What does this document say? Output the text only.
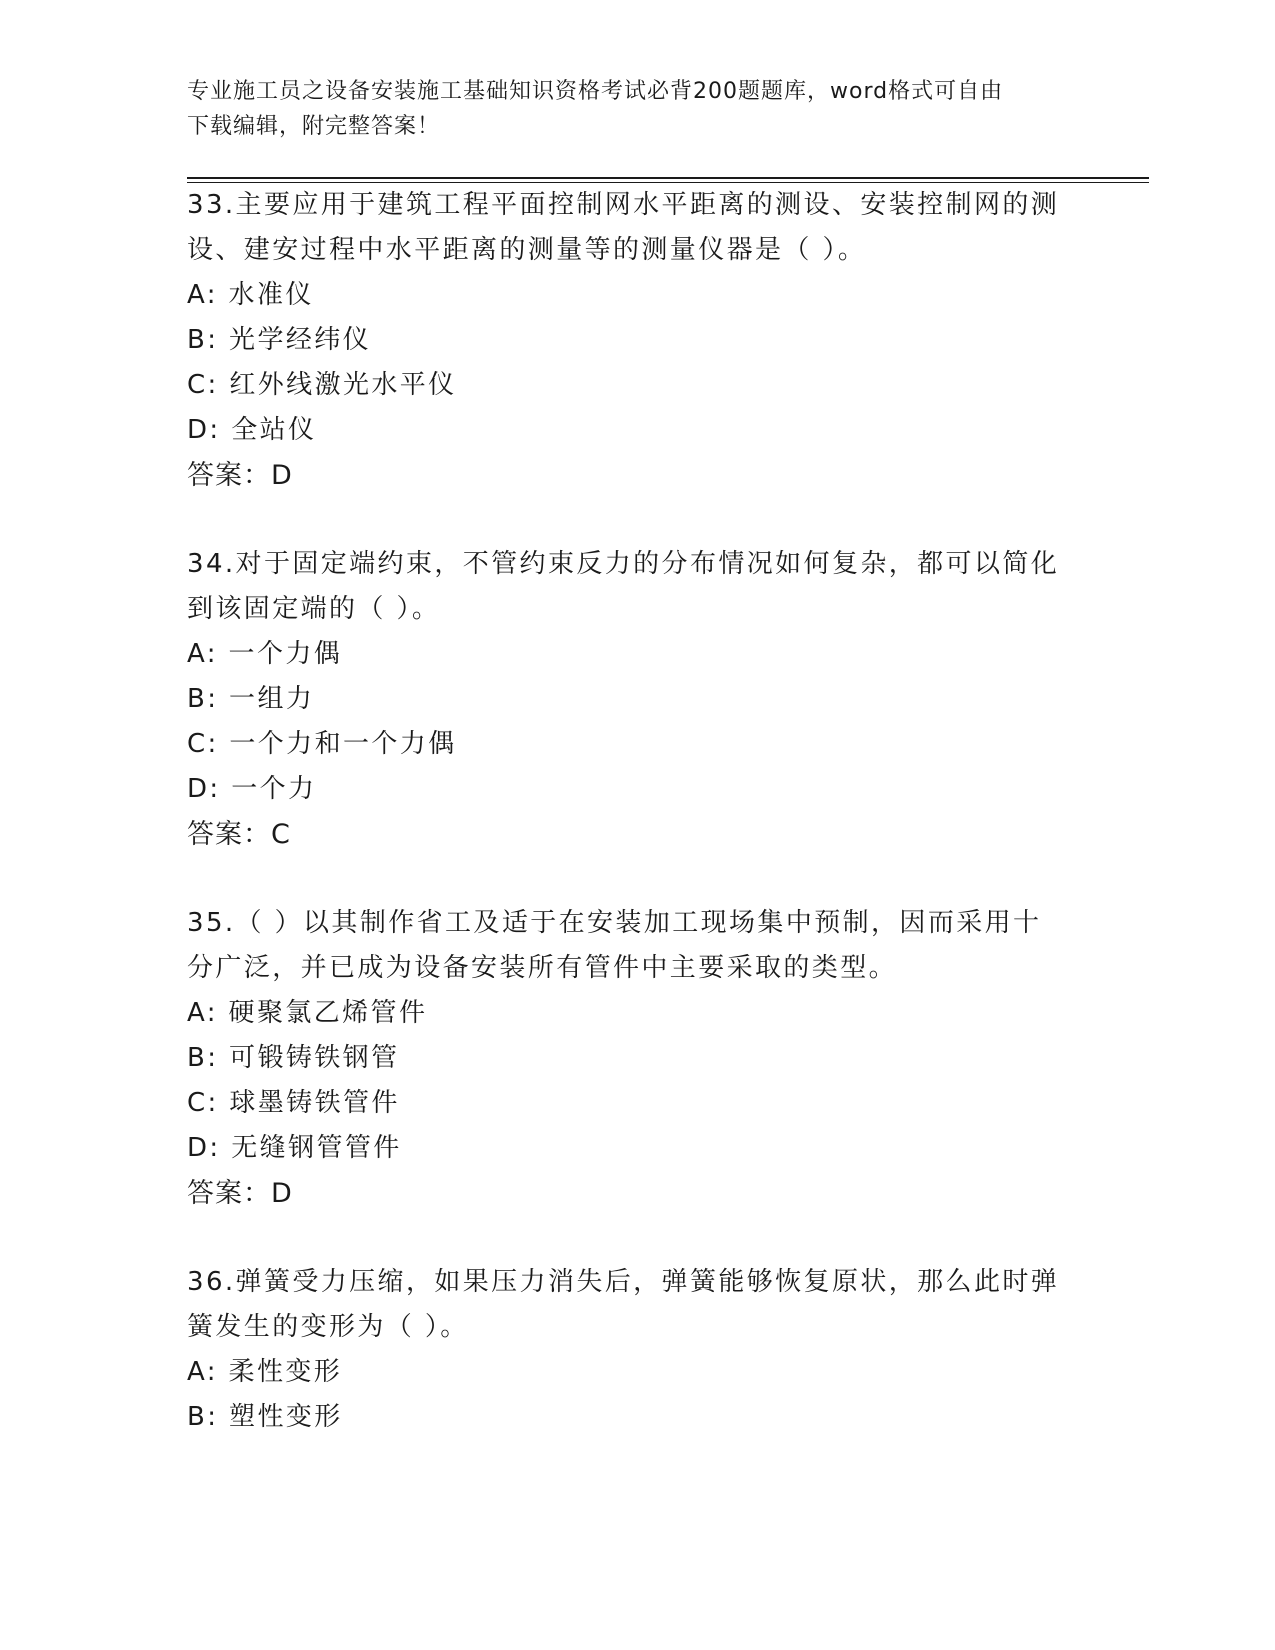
专业施工员之设备安装施工基础知识资格考试必背200题题库，word格式可自由
下载编辑，附完整答案！
33.主要应用于建筑工程平面控制网水平距离的测设、安装控制网的测
设、建安过程中水平距离的测量等的测量仪器是（ ）。
A: 水准仪
B: 光学经纬仪
C: 红外线激光水平仪
D: 全站仪
答案：D
34.对于固定端约束，不管约束反力的分布情况如何复杂，都可以简化
到该固定端的（ ）。
A: 一个力偶
B: 一组力
C: 一个力和一个力偶
D: 一个力
答案：C
35.（ ）以其制作省工及适于在安装加工现场集中预制，因而采用十
分广泛，并已成为设备安装所有管件中主要采取的类型。
A: 硬聚氯乙烯管件
B: 可锻铸铁钢管
C: 球墨铸铁管件
D: 无缝钢管管件
答案：D
36.弹簧受力压缩，如果压力消失后，弹簧能够恢复原状，那么此时弹
簧发生的变形为（ ）。
A: 柔性变形
B: 塑性变形
